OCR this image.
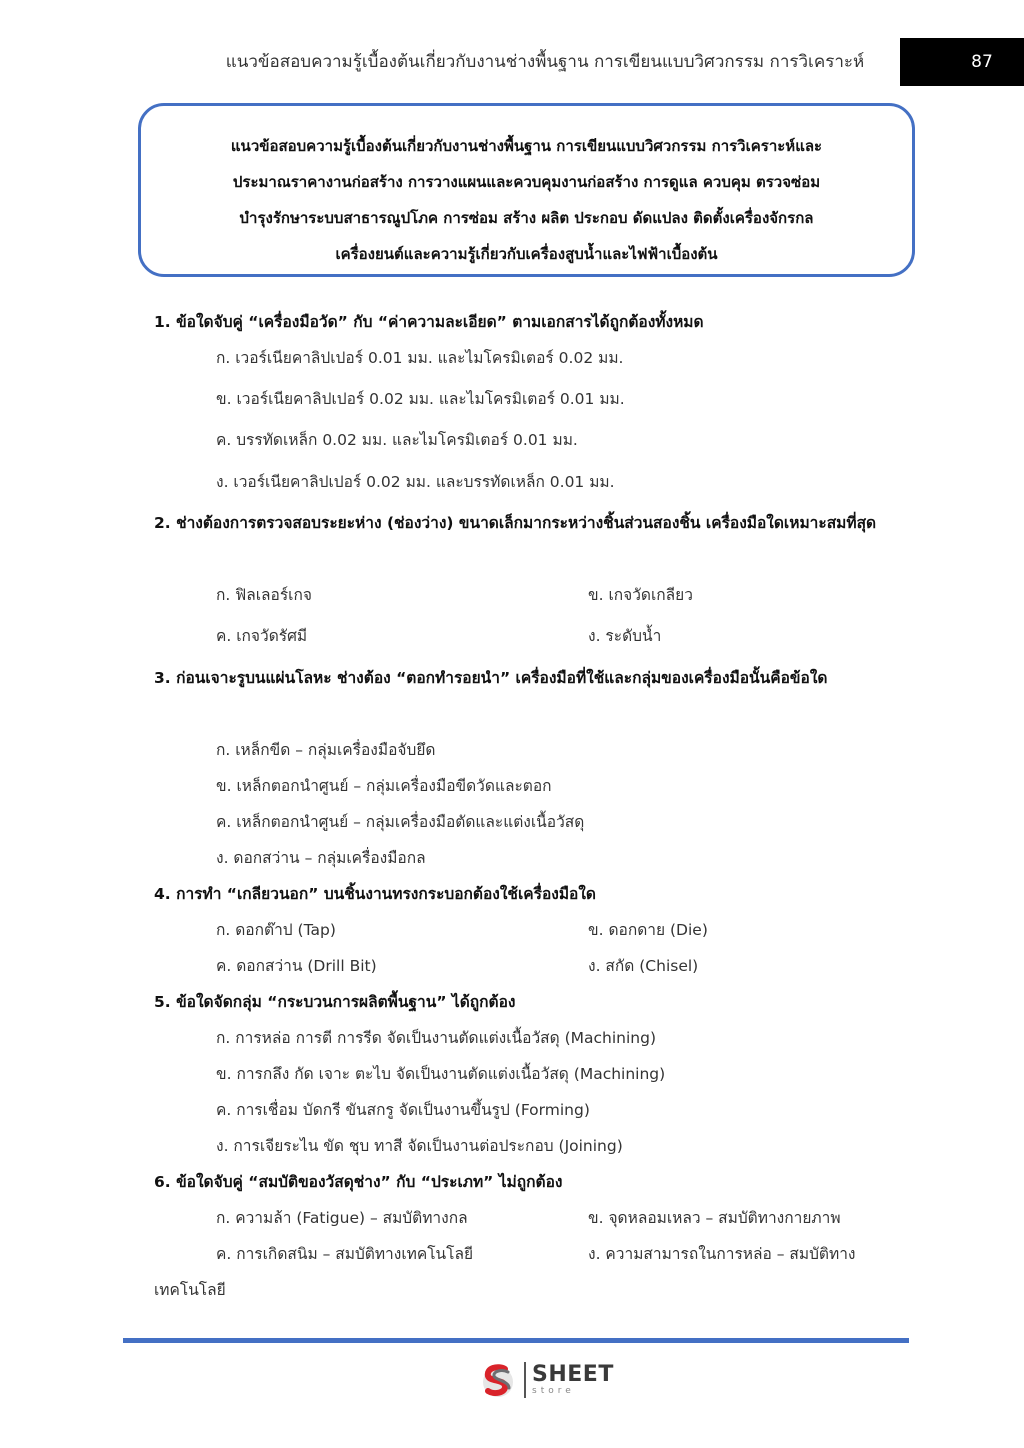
แนวข้อสอบความรู้เบื้องต้นเกี่ยวกับงานช่างพื้นฐาน การเขียนแบบวิศวกรรม การวิเคราะห์	87
แนวข้อสอบความรู้เบื้องต้นเกี่ยวกับงานช่างพื้นฐาน การเขียนแบบวิศวกรรม การวิเคราะห์และ
ประมาณราคางานก่อสร้าง การวางแผนและควบคุมงานก่อสร้าง การดูแล ควบคุม ตรวจซ่อม
บำรุงรักษาระบบสาธารณูปโภค การซ่อม สร้าง ผลิต ประกอบ ดัดแปลง ติดตั้งเครื่องจักรกล
เครื่องยนต์และความรู้เกี่ยวกับเครื่องสูบน้ำและไฟฟ้าเบื้องต้น
1. ข้อใดจับคู่ “เครื่องมือวัด” กับ “ค่าความละเอียด” ตามเอกสารได้ถูกต้องทั้งหมด
ก. เวอร์เนียคาลิปเปอร์ 0.01 มม. และไมโครมิเตอร์ 0.02 มม.
ข. เวอร์เนียคาลิปเปอร์ 0.02 มม. และไมโครมิเตอร์ 0.01 มม.
ค. บรรทัดเหล็ก 0.02 มม. และไมโครมิเตอร์ 0.01 มม.
ง. เวอร์เนียคาลิปเปอร์ 0.02 มม. และบรรทัดเหล็ก 0.01 มม.
2. ช่างต้องการตรวจสอบระยะห่าง (ช่องว่าง) ขนาดเล็กมากระหว่างชิ้นส่วนสองชิ้น เครื่องมือใดเหมาะสมที่สุด
ก. ฟิลเลอร์เกจ	ข. เกจวัดเกลียว
ค. เกจวัดรัศมี	ง. ระดับน้ำ
3. ก่อนเจาะรูบนแผ่นโลหะ ช่างต้อง “ตอกทำรอยนำ” เครื่องมือที่ใช้และกลุ่มของเครื่องมือนั้นคือข้อใด
ก. เหล็กขีด – กลุ่มเครื่องมือจับยึด
ข. เหล็กตอกนำศูนย์ – กลุ่มเครื่องมือขีดวัดและตอก
ค. เหล็กตอกนำศูนย์ – กลุ่มเครื่องมือตัดและแต่งเนื้อวัสดุ
ง. ดอกสว่าน – กลุ่มเครื่องมือกล
4. การทำ “เกลียวนอก” บนชิ้นงานทรงกระบอกต้องใช้เครื่องมือใด
ก. ดอกต๊าป (Tap)	ข. ดอกดาย (Die)
ค. ดอกสว่าน (Drill Bit)	ง. สกัด (Chisel)
5. ข้อใดจัดกลุ่ม “กระบวนการผลิตพื้นฐาน” ได้ถูกต้อง
ก. การหล่อ การตี การรีด จัดเป็นงานตัดแต่งเนื้อวัสดุ (Machining)
ข. การกลึง กัด เจาะ ตะไบ จัดเป็นงานตัดแต่งเนื้อวัสดุ (Machining)
ค. การเชื่อม บัดกรี ขันสกรู จัดเป็นงานขึ้นรูป (Forming)
ง. การเจียระไน ขัด ชุบ ทาสี จัดเป็นงานต่อประกอบ (Joining)
6. ข้อใดจับคู่ “สมบัติของวัสดุช่าง” กับ “ประเภท” ไม่ถูกต้อง
ก. ความล้า (Fatigue) – สมบัติทางกล	ข. จุดหลอมเหลว – สมบัติทางกายภาพ
ค. การเกิดสนิม – สมบัติทางเทคโนโลยี	ง. ความสามารถในการหล่อ – สมบัติทาง
เทคโนโลยี
SHEET
store
